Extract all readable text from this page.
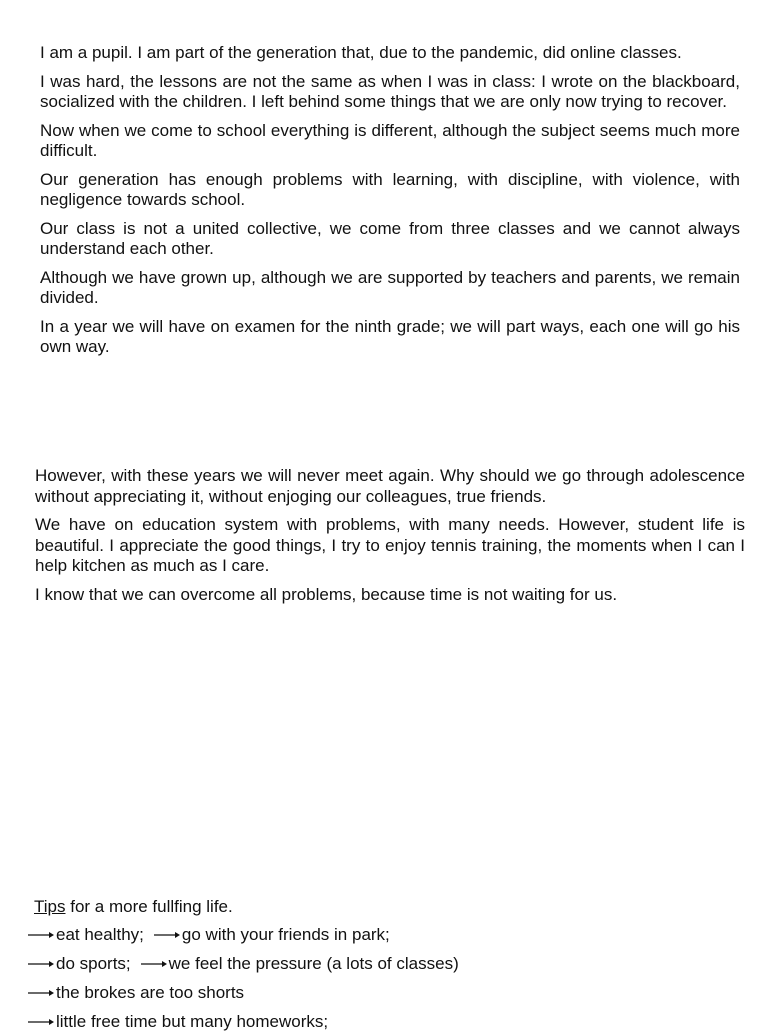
I am a pupil. I am part of the generation that, due to the pandemic, did online classes.

I was hard, the lessons are not the same as when I was in class: I wrote on the blackboard, socialized with the children. I left behind some things that we are only now trying to recover.

Now when we come to school everything is different, although the subject seems much more difficult.

Our generation has enough problems with learning, with discipline, with violence, with negligence towards school.

Our class is not a united collective, we come from three classes and we cannot always understand each other.

Although we have grown up, although we are supported by teachers and parents, we remain divided.

In a year we will have on examen for the ninth grade; we will part ways, each one will go his own way.

However, with these years we will never meet again. Why should we go through adolescence without appreciating it, without enjoging our colleagues, true friends.

We have on education system with problems, with many needs. However, student life is beautiful. I appreciate the good things, I try to enjoy tennis training, the moments when I can I help kitchen as much as I care.

I know that we can overcome all problems, because time is not waiting for us.

Tips for a more fullfing life.
eat healthy; go with your friends in park;
do sports; we feel the pressure (a lots of classes)
the brokes are too shorts
little free time but many homeworks;
